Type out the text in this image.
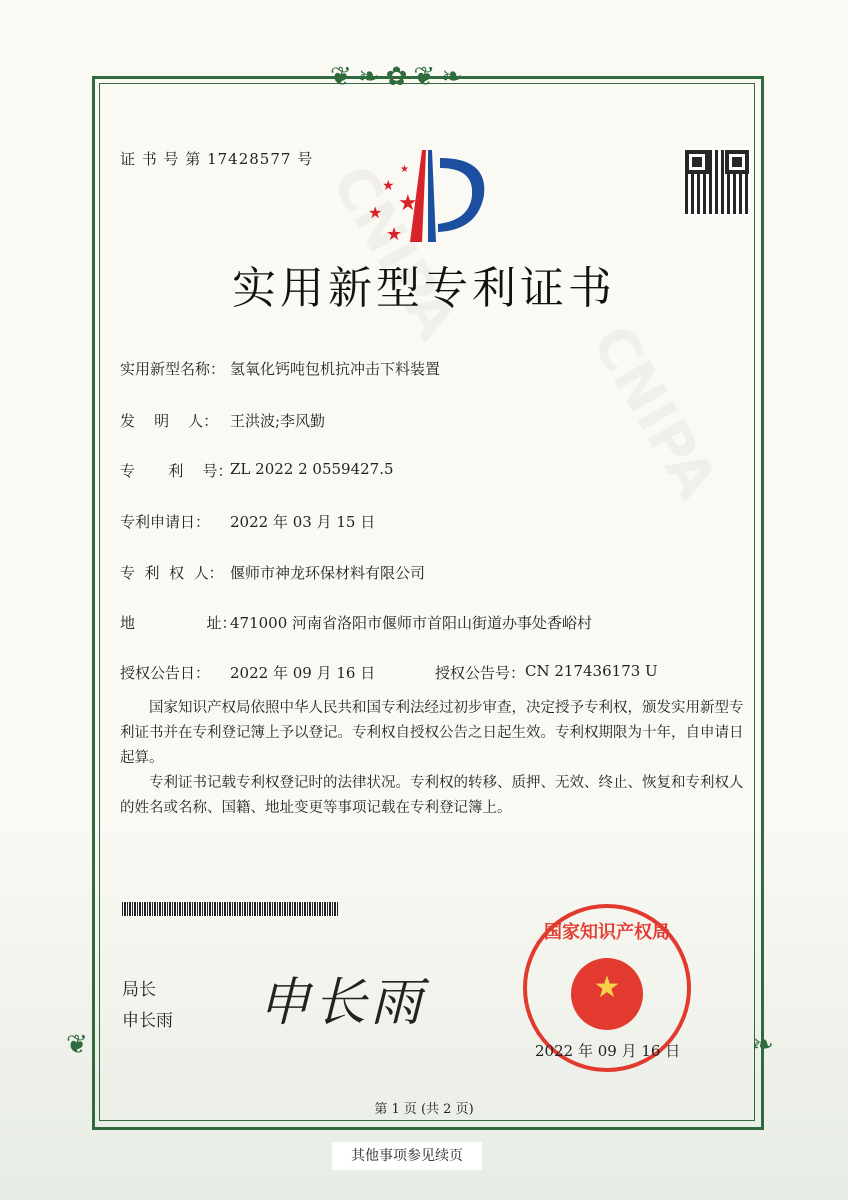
❦❧✿❦❧
❦	❧
证 书 号 第 17428577 号
★
★
★
★
★
实用新型专利证书
实用新型名称： 氢氧化钙吨包机抗冲击下料装置
发    明    人： 王洪波;李风勤
专       利    号：
ZL 2022 2 0559427.5
专利申请日：	2022 年 03 月 15 日
专  利  权  人： 偃师市神龙环保材料有限公司
地               址：
471000 河南省洛阳市偃师市首阳山街道办事处香峪村
授权公告日：	2022 年 09 月 16 日	授权公告号： CN 217436173 U
国家知识产权局依照中华人民共和国专利法经过初步审查，决定授予专利权，颁发实用新型专利证书并在专利登记簿上予以登记。专利权自授权公告之日起生效。专利权期限为十年，自申请日起算。
专利证书记载专利权登记时的法律状况。专利权的转移、质押、无效、终止、恢复和专利权人的姓名或名称、国籍、地址变更等事项记载在专利登记簿上。
局长
申长雨 申长雨
国家知识产权局
★
2022 年 09 月 16 日
第 1 页 (共 2 页)
其他事项参见续页
